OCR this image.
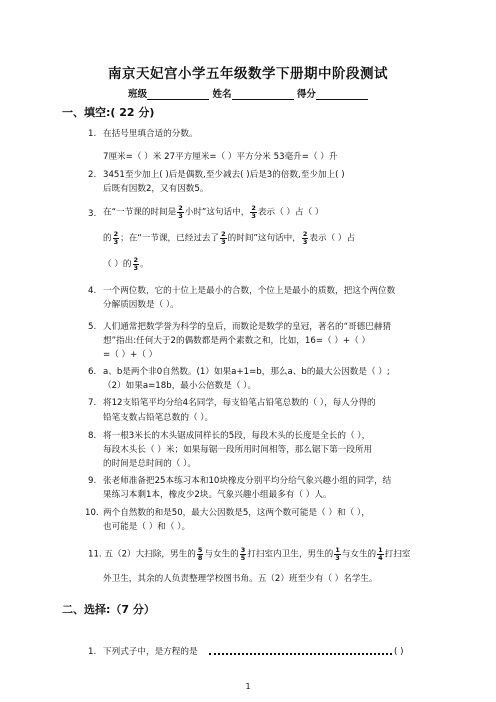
南京天妃宫小学五年级数学下册期中阶段测试
班级	姓名	得分
一、填空:( 22 分)
1. 在括号里填合适的分数。
7厘米=（ ）米 27平方厘米=（ ）平方分米 53毫升=（ ）升
2. 3451至少加上( )后是偶数,至少减去( )后是3的倍数,至少加上( )
后既有因数2，又有因数5。
3. 在“一节课的时间是 $\frac{2}{3}$ 小时”这句话中， $\frac{2}{3}$ 表示（ ）占（ ）
的 $\frac{2}{3}$ ；在“一节课，已经过去了 $\frac{2}{3}$ 的时间”这句话中， $\frac{2}{3}$ 表示（ ）占
（ ）的 $\frac{2}{3}$ 。
4. 一个两位数，它的十位上是最小的合数，个位上是最小的质数，把这个两位数
分解质因数是（ ）。
5. 人们通常把数学誉为科学的皇后，而数论是数学的皇冠，著名的“哥德巴赫猜
想”指出:任何大于2的偶数都是两个素数之和，比如，16=（ ）+（ ）
=（ ）+（ ）
6. a、b是两个非0自然数。(1）如果a+1=b，那么a、b的最大公因数是（ ）;
（2）如果a=18b，最小公倍数是（ ）。
7. 将12支铅笔平均分给4名同学，每支铅笔占铅笔总数的（ ），每人分得的
铅笔支数占铅笔总数的（ ）。
8. 将一根3米长的木头锯成同样长的5段，每段木头的长度是全长的（ ），
每段木头长（ ）米；如果每锯一段所用时间相等，那么锯下第一段所用
的时间是总时间的（ ）。
9. 张老师准备把25本练习本和10块橡皮分别平均分给气象兴趣小组的同学，结
果练习本剩1本，橡皮少2块。气象兴趣小组最多有（ ）人。
10. 两个自然数的和是50，最大公因数是5，这两个数可能是（ ）和（ ），
也可能是（ ）和（ ）。
11. 五（2）大扫除，男生的 $\frac{5}{8}$ 与女生的 $\frac{3}{5}$ 打扫室内卫生，男生的 $\frac{1}{3}$ 与女生的 $\frac{1}{4}$ 打扫室
外卫生，其余的人负责整理学校图书角。五（2）班至少有（ ）名学生。
二、选择:（7 分）
1. 下列式子中，是方程的是	( )
1
